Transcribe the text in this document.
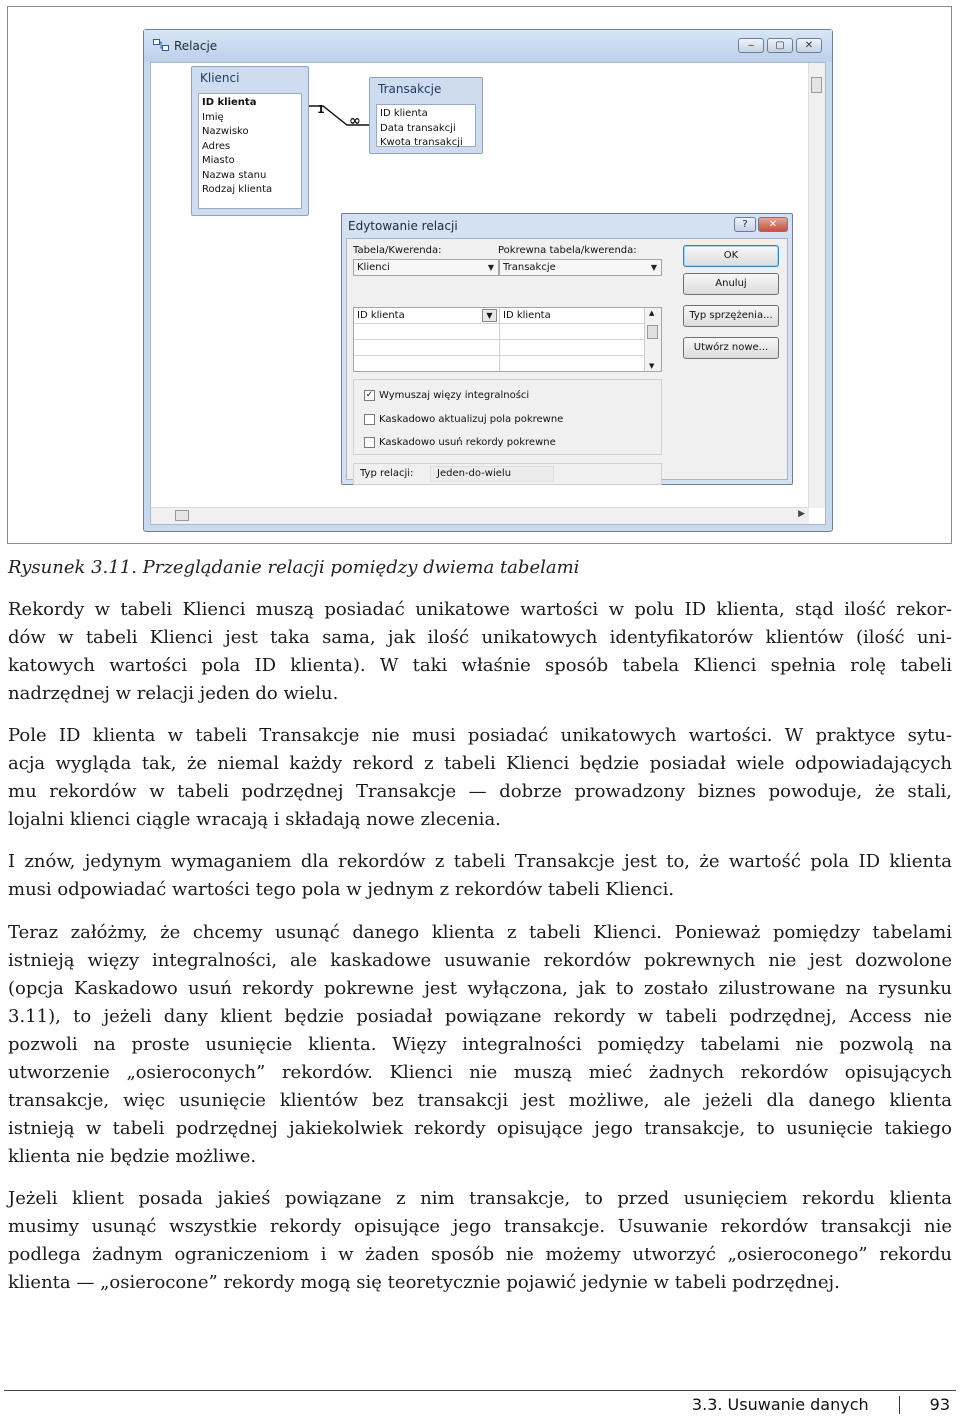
Relacje	‒	▢	✕
Klienci
ID klienta
Imię
Nazwisko
Adres
Miasto
Nazwa stanu
Rodzaj klienta
1
∞
Transakcje
ID klienta
Data transakcji
Kwota transakcji
Edytowanie relacji	?	✕
Tabela/Kwerenda:	Pokrewna tabela/kwerenda:
Klienci	▼ Transakcje	▼
ID klienta	▼	ID klienta	▲
▼
OK
Anuluj
Typ sprzężenia...
Utwórz nowe...
✓ Wymuszaj więzy integralności
Kaskadowo aktualizuj pola pokrewne
Kaskadowo usuń rekordy pokrewne
Typ relacji:	Jeden-do-wielu
▶
Rysunek 3.11. Przeglądanie relacji pomiędzy dwiema tabelami

Rekordy w tabeli Klienci muszą posiadać unikatowe wartości w polu ID klienta, stąd ilość rekor-
dów w tabeli Klienci jest taka sama, jak ilość unikatowych identyfikatorów klientów (ilość uni-
katowych wartości pola ID klienta). W taki właśnie sposób tabela Klienci spełnia rolę tabeli
nadrzędnej w relacji jeden do wielu.

Pole ID klienta w tabeli Transakcje nie musi posiadać unikatowych wartości. W praktyce sytu-
acja wygląda tak, że niemal każdy rekord z tabeli Klienci będzie posiadał wiele odpowiadających
mu rekordów w tabeli podrzędnej Transakcje — dobrze prowadzony biznes powoduje, że stali,
lojalni klienci ciągle wracają i składają nowe zlecenia.

I znów, jedynym wymaganiem dla rekordów z tabeli Transakcje jest to, że wartość pola ID klienta
musi odpowiadać wartości tego pola w jednym z rekordów tabeli Klienci.

Teraz załóżmy, że chcemy usunąć danego klienta z tabeli Klienci. Ponieważ pomiędzy tabelami
istnieją więzy integralności, ale kaskadowe usuwanie rekordów pokrewnych nie jest dozwolone
(opcja Kaskadowo usuń rekordy pokrewne jest wyłączona, jak to zostało zilustrowane na rysunku
3.11), to jeżeli dany klient będzie posiadał powiązane rekordy w tabeli podrzędnej, Access nie
pozwoli na proste usunięcie klienta. Więzy integralności pomiędzy tabelami nie pozwolą na
utworzenie „osieroconych” rekordów. Klienci nie muszą mieć żadnych rekordów opisujących
transakcje, więc usunięcie klientów bez transakcji jest możliwe, ale jeżeli dla danego klienta
istnieją w tabeli podrzędnej jakiekolwiek rekordy opisujące jego transakcje, to usunięcie takiego
klienta nie będzie możliwe.

Jeżeli klient posada jakieś powiązane z nim transakcje, to przed usunięciem rekordu klienta
musimy usunąć wszystkie rekordy opisujące jego transakcje. Usuwanie rekordów transakcji nie
podlega żadnym ograniczeniom i w żaden sposób nie możemy utworzyć „osieroconego” rekordu
klienta — „osierocone” rekordy mogą się teoretycznie pojawić jedynie w tabeli podrzędnej.

3.3. Usuwanie danych	93
